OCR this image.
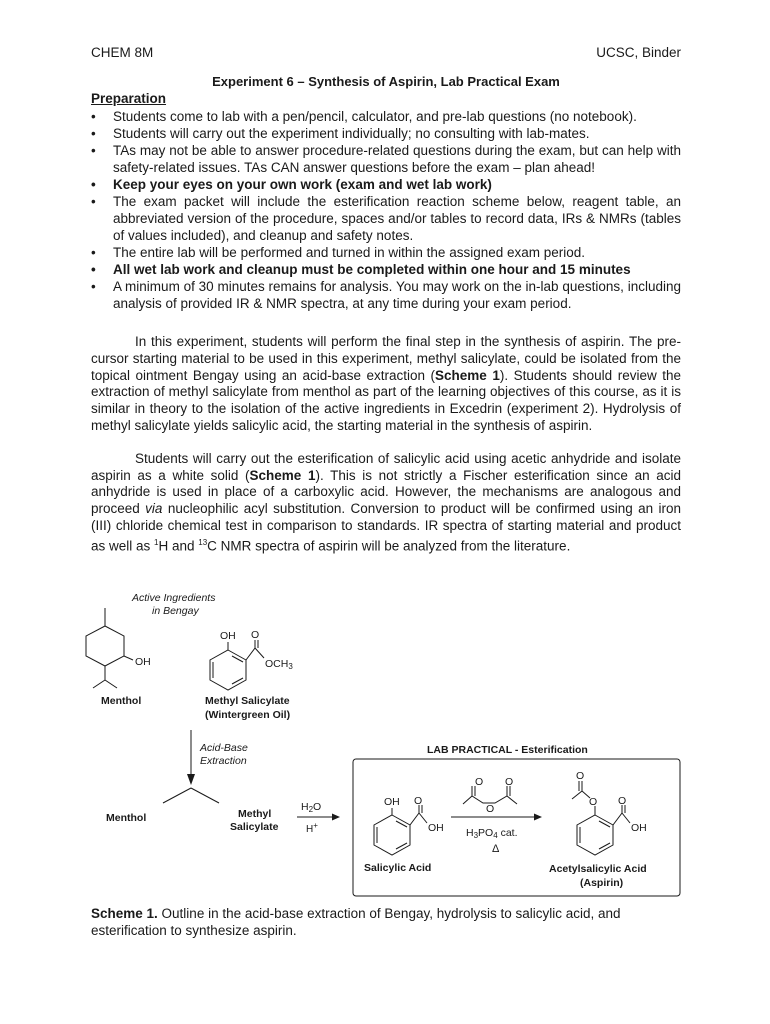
CHEM 8M	UCSC, Binder
Experiment 6 – Synthesis of Aspirin, Lab Practical Exam
Preparation
• Students come to lab with a pen/pencil, calculator, and pre-lab questions (no notebook).
• Students will carry out the experiment individually; no consulting with lab-mates.
• TAs may not be able to answer procedure-related questions during the exam, but can help with safety-related issues. TAs CAN answer questions before the exam – plan ahead!
• Keep your eyes on your own work (exam and wet lab work)
• The exam packet will include the esterification reaction scheme below, reagent table, an abbreviated version of the procedure, spaces and/or tables to record data, IRs & NMRs (tables of values included), and cleanup and safety notes.
• The entire lab will be performed and turned in within the assigned exam period.
• All wet lab work and cleanup must be completed within one hour and 15 minutes
• A minimum of 30 minutes remains for analysis. You may work on the in-lab questions, including analysis of provided IR & NMR spectra, at any time during your exam period.

In this experiment, students will perform the final step in the synthesis of aspirin. The pre-cursor starting material to be used in this experiment, methyl salicylate, could be isolated from the topical ointment Bengay using an acid-base extraction (Scheme 1). Students should review the extraction of methyl salicylate from menthol as part of the learning objectives of this course, as it is similar in theory to the isolation of the active ingredients in Excedrin (experiment 2). Hydrolysis of methyl salicylate yields salicylic acid, the starting material in the synthesis of aspirin.

Students will carry out the esterification of salicylic acid using acetic anhydride and isolate aspirin as a white solid (Scheme 1). This is not strictly a Fischer esterification since an acid anhydride is used in place of a carboxylic acid. However, the mechanisms are analogous and proceed via nucleophilic acyl substitution. Conversion to product will be confirmed using an iron (III) chloride chemical test in comparison to standards. IR spectra of starting material and product as well as $^1$H and $^{13}$C NMR spectra of aspirin will be analyzed from the literature.

Active Ingredients
in Bengay
OH
Menthol
OH O
OCH3
Methyl Salicylate
(Wintergreen Oil)
Acid-Base
Extraction
Menthol	Methyl
Salicylate
H2O
H+
LAB PRACTICAL - Esterification
OH O
OH
Salicylic Acid
O O
O
H3PO4 cat.
Δ
O
O O
OH
Acetylsalicylic Acid
(Aspirin)
Scheme 1. Outline in the acid-base extraction of Bengay, hydrolysis to salicylic acid, and esterification to synthesize aspirin.
